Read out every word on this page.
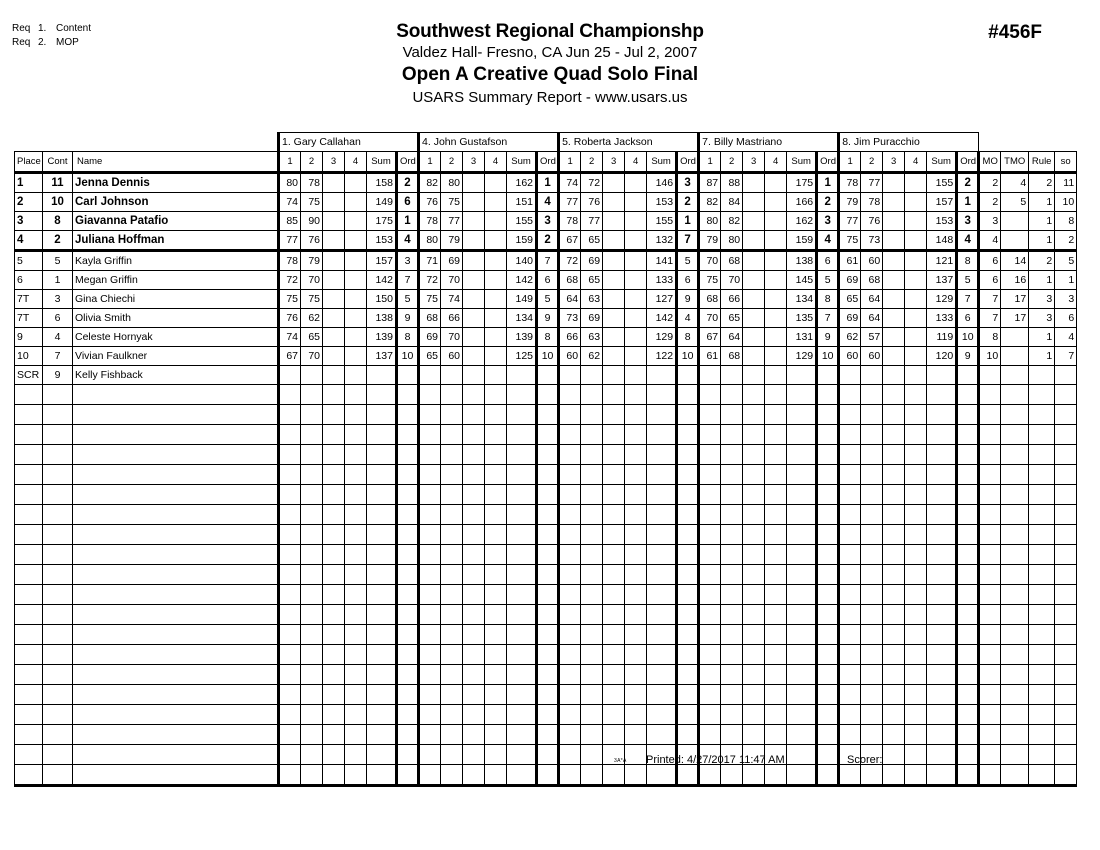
Req 1. Content
Req 2. MOP
Southwest Regional Championshp
Valdez Hall- Fresno, CA Jun 25 - Jul 2, 2007
Open A Creative Quad Solo Final
USARS Summary Report - www.usars.us
#456F
			1. Gary Callahan						4. John Gustafson						5. Roberta Jackson						7. Billy Mastriano						8. Jim Puracchio									
Place	Cont	Name	1	2	3	4	Sum	Ord	1	2	3	4	Sum	Ord	1	2	3	4	Sum	Ord	1	2	3	4	Sum	Ord	1	2	3	4	Sum	Ord	MO	TMO	Rule	so
1	11	Jenna Dennis	80	78			158	2	82	80			162	1	74	72			146	3	87	88			175	1	78	77			155	2	2	4	2	11
2	10	Carl Johnson	74	75			149	6	76	75			151	4	77	76			153	2	82	84			166	2	79	78			157	1	2	5	1	10
3	8	Giavanna Patafio	85	90			175	1	78	77			155	3	78	77			155	1	80	82			162	3	77	76			153	3	3		1	8
4	2	Juliana Hoffman	77	76			153	4	80	79			159	2	67	65			132	7	79	80			159	4	75	73			148	4	4		1	2
5	5	Kayla Griffin	78	79			157	3	71	69			140	7	72	69			141	5	70	68			138	6	61	60			121	8	6	14	2	5
6	1	Megan Griffin	72	70			142	7	72	70			142	6	68	65			133	6	75	70			145	5	69	68			137	5	6	16	1	1
7T	3	Gina Chiechi	75	75			150	5	75	74			149	5	64	63			127	9	68	66			134	8	65	64			129	7	7	17	3	3
7T	6	Olivia Smith	76	62			138	9	68	66			134	9	73	69			142	4	70	65			135	7	69	64			133	6	7	17	3	6
9	4	Celeste Hornyak	74	65			139	8	69	70			139	8	66	63			129	8	67	64			131	9	62	57			119	10	8		1	4
10	7	Vivian Faulkner	67	70			137	10	65	60			125	10	60	62			122	10	61	68			129	10	60	60			120	9	10		1	7
SCR	9	Kelly Fishback																																		

3A*A Printed: 4/27/2017 11:47 AM	Scorer:
